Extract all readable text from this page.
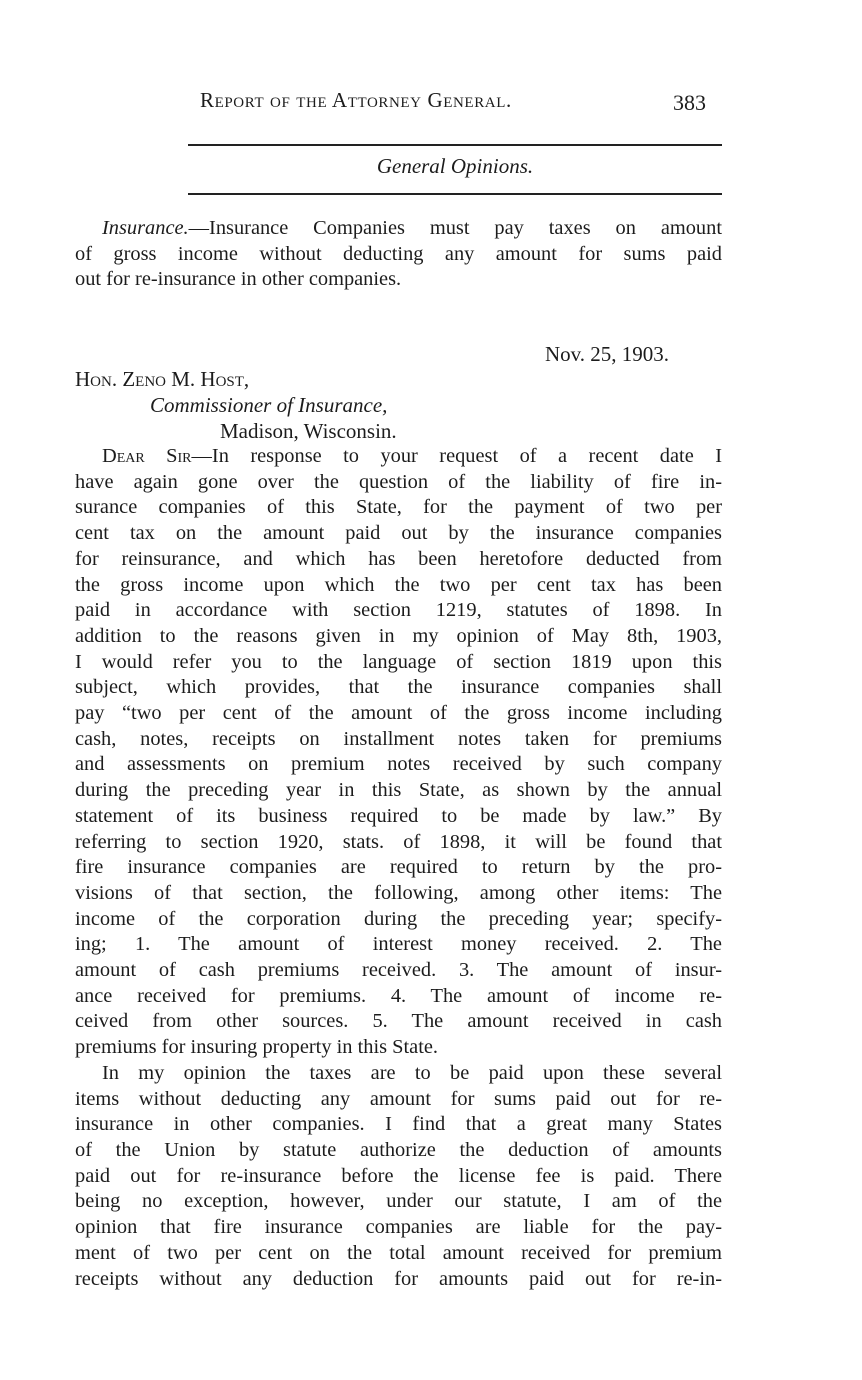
Report of the Attorney General.	383
General Opinions.
Insurance.—Insurance Companies must pay taxes on amount
of gross income without deducting any amount for sums paid
out for re-insurance in other companies.
Nov. 25, 1903.
Hon. Zeno M. Host,
Commissioner of Insurance,
Madison, Wisconsin.
Dear Sir—In response to your request of a recent date I
have again gone over the question of the liability of fire in-
surance companies of this State, for the payment of two per
cent tax on the amount paid out by the insurance companies
for reinsurance, and which has been heretofore deducted from
the gross income upon which the two per cent tax has been
paid in accordance with section 1219, statutes of 1898. In
addition to the reasons given in my opinion of May 8th, 1903,
I would refer you to the language of section 1819 upon this
subject, which provides, that the insurance companies shall
pay “two per cent of the amount of the gross income including
cash, notes, receipts on installment notes taken for premiums
and assessments on premium notes received by such company
during the preceding year in this State, as shown by the annual
statement of its business required to be made by law.” By
referring to section 1920, stats. of 1898, it will be found that
fire insurance companies are required to return by the pro-
visions of that section, the following, among other items: The
income of the corporation during the preceding year; specify-
ing; 1. The amount of interest money received. 2. The
amount of cash premiums received. 3. The amount of insur-
ance received for premiums. 4. The amount of income re-
ceived from other sources. 5. The amount received in cash
premiums for insuring property in this State.
In my opinion the taxes are to be paid upon these several
items without deducting any amount for sums paid out for re-
insurance in other companies. I find that a great many States
of the Union by statute authorize the deduction of amounts
paid out for re-insurance before the license fee is paid. There
being no exception, however, under our statute, I am of the
opinion that fire insurance companies are liable for the pay-
ment of two per cent on the total amount received for premium
receipts without any deduction for amounts paid out for re-in-
